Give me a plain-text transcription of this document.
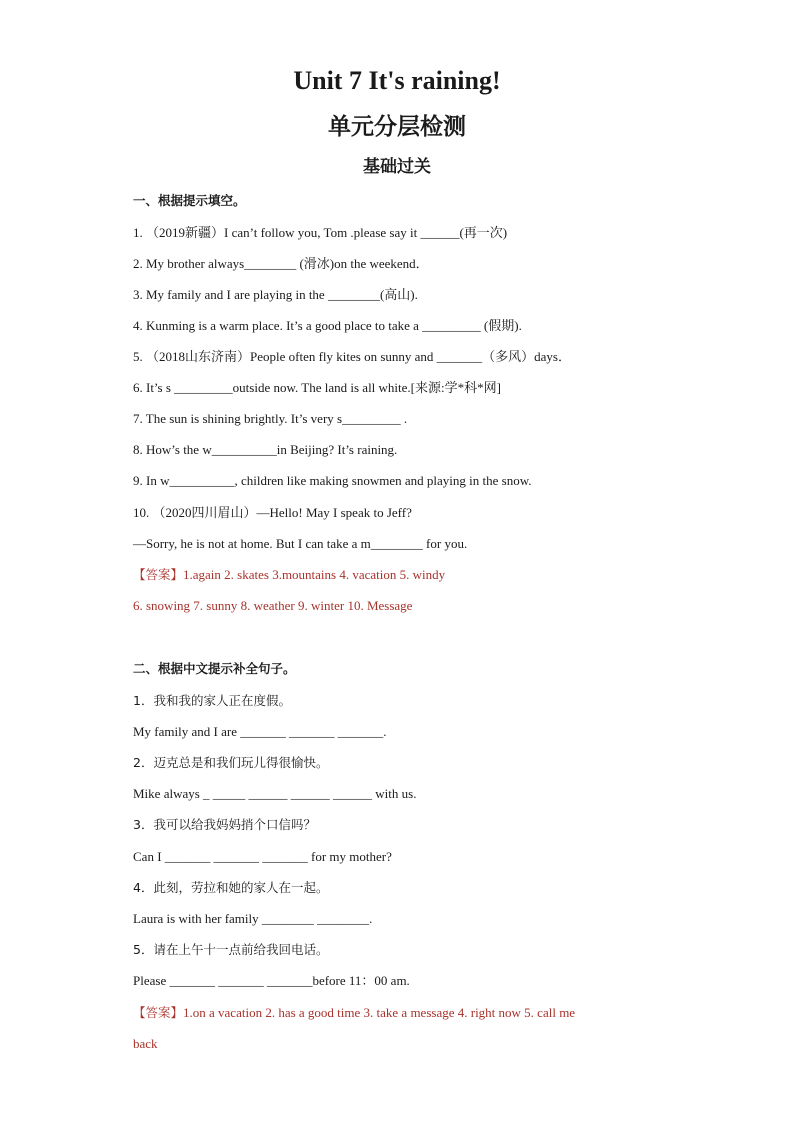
Unit 7 It's raining!
单元分层检测
基础过关
一、根据提示填空。
1. （2019新疆）I can’t follow you, Tom .please say it ______(再一次)
2. My brother always________ (滑冰)on the weekend．
3. My family and I are playing in the ________(高山).
4. Kunming is a warm place. It’s a good place to take a _________ (假期).
5. （2018山东济南）People often fly kites on sunny and _______（多风）days．
6. It’s s _________outside now. The land is all white.[来源:学*科*网]
7. The sun is shining brightly. It’s very s_________ .
8. How’s the w__________in Beijing? It’s raining.
9. In w__________, children like making snowmen and playing in the snow.
10. （2020四川眉山）—Hello! May I speak to Jeff?
—Sorry, he is not at home. But I can take a m________ for you.
【答案】1.again 2. skates 3.mountains 4. vacation 5. windy
6. snowing 7. sunny 8. weather 9. winter 10. Message
二、根据中文提示补全句子。
1．我和我的家人正在度假。
My family and I are _______ _______ _______.
2．迈克总是和我们玩儿得很愉快。
Mike always _ _____ ______ ______ ______ with us.
3．我可以给我妈妈捎个口信吗？
Can I _______ _______ _______ for my mother?
4．此刻，劳拉和她的家人在一起。
Laura is with her family ________ ________.
5．请在上午十一点前给我回电话。
Please _______ _______ _______before 11：00 am.
【答案】1.on a vacation 2. has a good time 3. take a message 4. right now 5. call me
back
